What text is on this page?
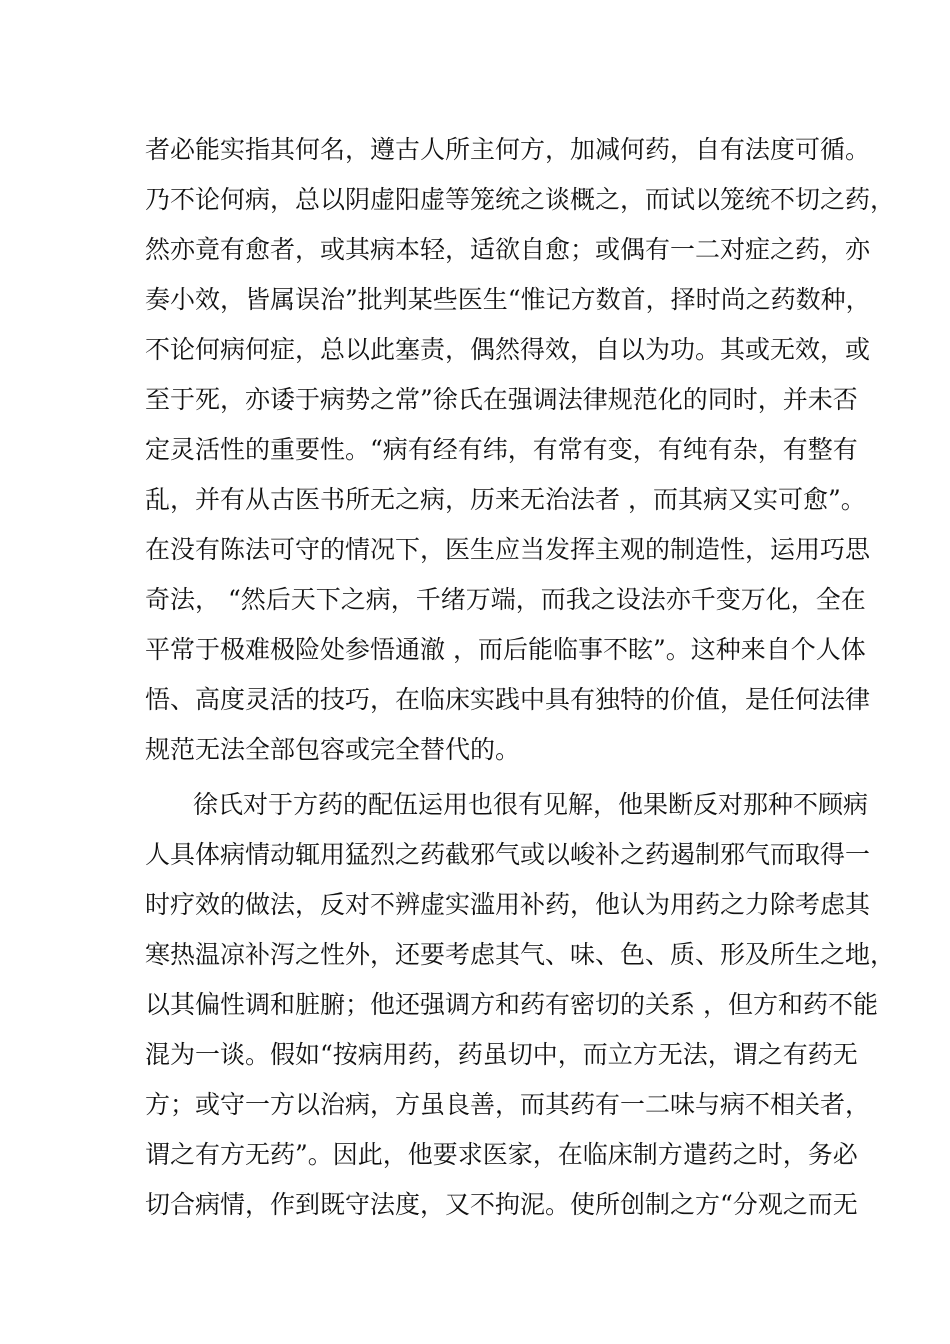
者必能实指其何名，遵古人所主何方，加减何药，自有法度可循。
乃不论何病，总以阴虚阳虚等笼统之谈概之，而试以笼统不切之药，
然亦竟有愈者，或其病本轻，适欲自愈；或偶有一二对症之药，亦
奏小效，皆属误治”批判某些医生“惟记方数首，择时尚之药数种，
不论何病何症，总以此塞责，偶然得效，自以为功。其或无效，或
至于死，亦诿于病势之常”徐氏在强调法律规范化的同时，并未否
定灵活性的重要性。“病有经有纬，有常有变，有纯有杂，有整有
乱，并有从古医书所无之病，历来无治法者 ，而其病又实可愈”。
在没有陈法可守的情况下，医生应当发挥主观的制造性，运用巧思
奇法， “然后天下之病，千绪万端，而我之设法亦千变万化，全在
平常于极难极险处参悟通澈 ，而后能临事不眩”。这种来自个人体
悟、高度灵活的技巧，在临床实践中具有独特的价值，是任何法律
规范无法全部包容或完全替代的。
徐氏对于方药的配伍运用也很有见解，他果断反对那种不顾病
人具体病情动辄用猛烈之药截邪气或以峻补之药遏制邪气而取得一
时疗效的做法，反对不辨虚实滥用补药，他认为用药之力除考虑其
寒热温凉补泻之性外，还要考虑其气、味、色、质、形及所生之地，
以其偏性调和脏腑；他还强调方和药有密切的关系 ，但方和药不能
混为一谈。假如“按病用药，药虽切中，而立方无法，谓之有药无
方；或守一方以治病，方虽良善，而其药有一二味与病不相关者，
谓之有方无药”。因此，他要求医家，在临床制方遣药之时，务必
切合病情，作到既守法度，又不拘泥。使所创制之方“分观之而无
